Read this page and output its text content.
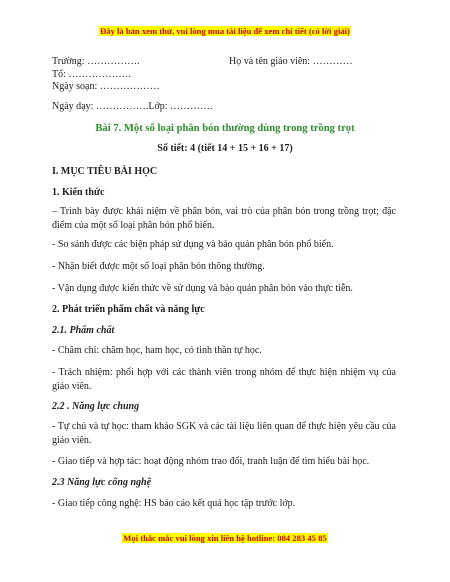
Đây là bản xem thử, vui lòng mua tài liệu để xem chi tiết (có lời giải)
Trường: …………….	Họ và tên giáo viên: …………
Tổ: ……………….
Ngày soạn: ………………
Ngày dạy: …………….Lớp: ………….
Bài 7. Một số loại phân bón thường dùng trong trồng trọt
Số tiết: 4 (tiết 14 + 15 + 16 + 17)
I. MỤC TIÊU BÀI HỌC
1. Kiến thức
– Trình bày được khái niệm về phân bón, vai trò của phân bón trong trồng trọt; đặc điểm của một số loại phân bón phổ biến.
- So sánh được các biện pháp sử dụng và bảo quản phân bón phổ biến.
- Nhận biết được một số loại phân bón thông thường.
- Vận dụng được kiến thức về sử dụng và bảo quản phân bón vào thực tiễn.
2. Phát triển phẩm chất và năng lực
2.1. Phẩm chất
- Chăm chỉ: chăm học, ham học, có tinh thần tự học.
- Trách nhiệm: phối hợp với các thành viên trong nhóm để thực hiện nhiệm vụ của giáo viên.
2.2 . Năng lực chung
- Tự chủ và tự học: tham khảo SGK và các tài liệu liên quan để thực hiện yêu cầu của giáo viên.
- Giao tiếp và hợp tác: hoạt động nhóm trao đổi, tranh luận để tìm hiểu bài học.
2.3 Năng lực công nghệ
- Giao tiếp công nghệ: HS báo cáo kết quả học tập trước lớp.
Mọi thắc mắc vui lòng xin liên hệ hotline: 084 283 45 85
